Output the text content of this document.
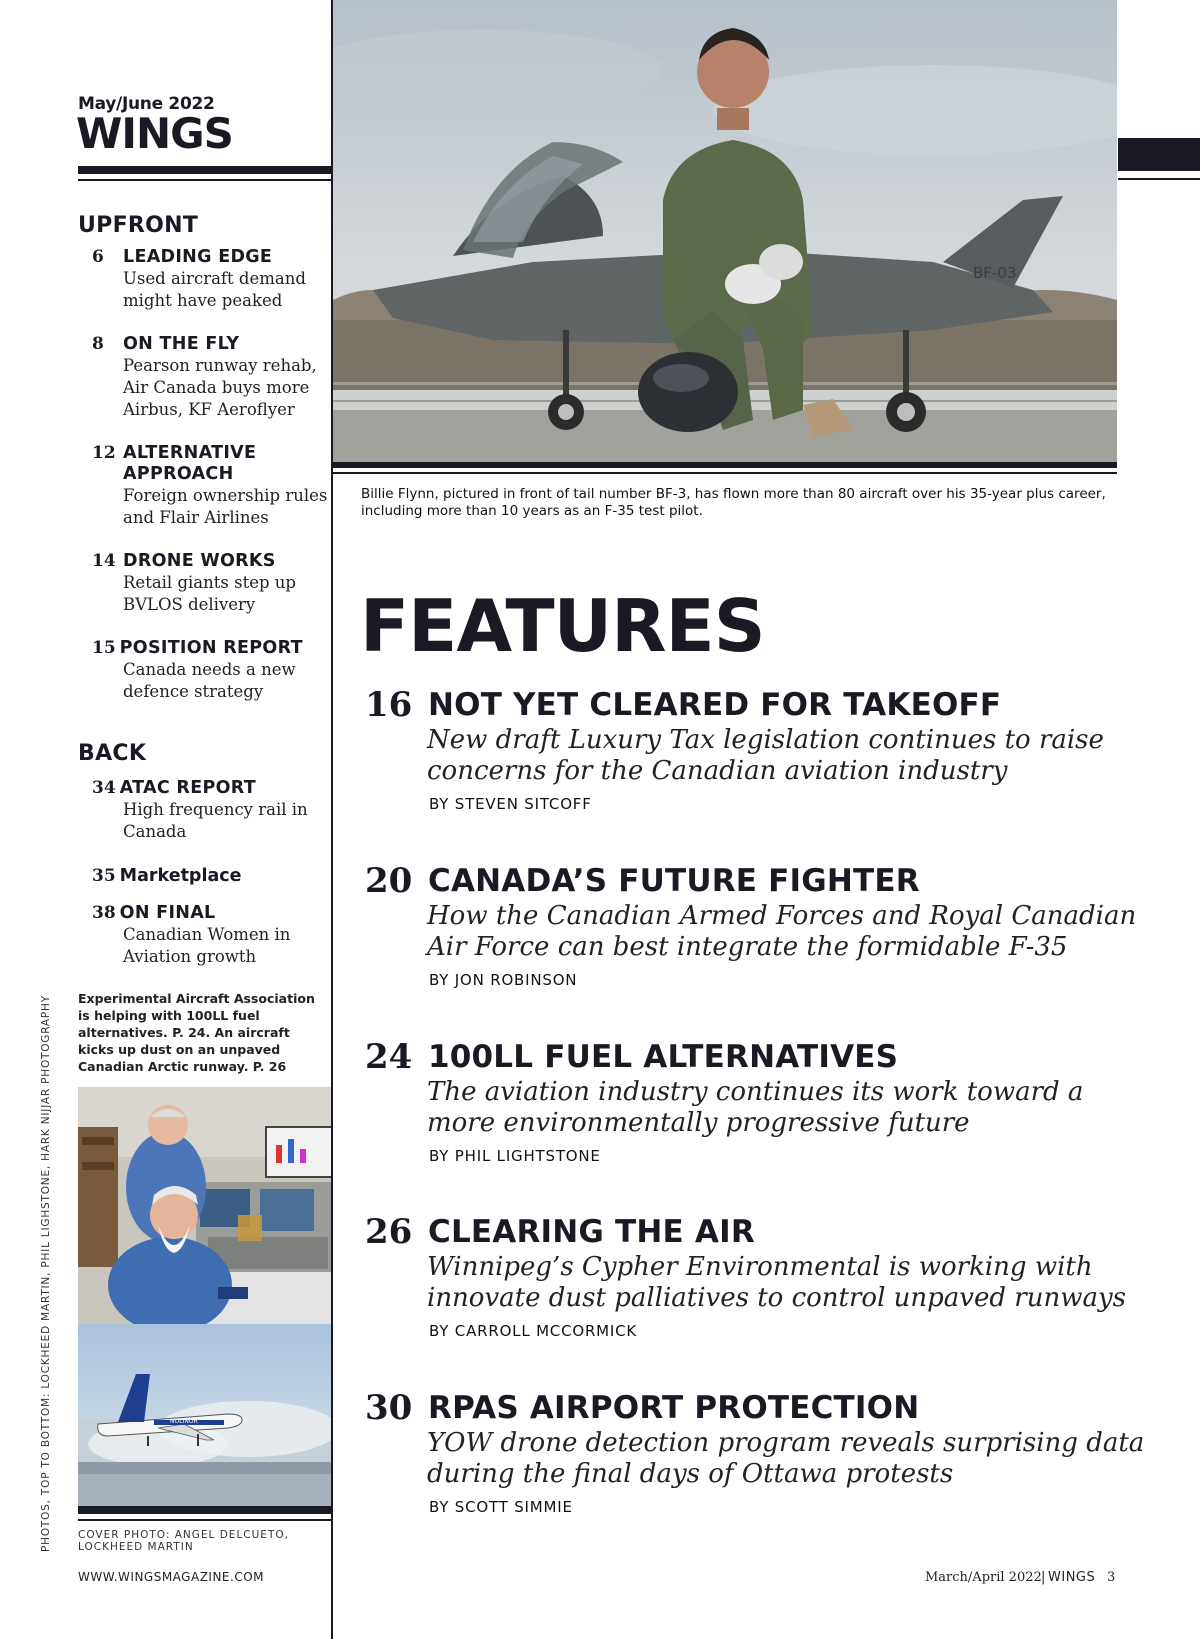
May/June 2022
WINGS
UPFRONT
6	LEADING EDGE
Used aircraft demand might have peaked
8	ON THE FLY
Pearson runway rehab, Air Canada buys more Airbus, KF Aeroflyer
12 ALTERNATIVE APPROACH
Foreign ownership rules and Flair Airlines
14 DRONE WORKS
Retail giants step up BVLOS delivery
15 POSITION REPORT
Canada needs a new defence strategy
BACK
34 ATAC REPORT
High frequency rail in Canada
35 Marketplace
38 ON FINAL
Canadian Women in Aviation growth
Experimental Aircraft Association is helping with 100LL fuel alternatives. P. 24. An aircraft kicks up dust on an unpaved Canadian Arctic runway. P. 26
NOLINOR
PHOTOS, TOP TO BOTTOM: LOCKHEED MARTIN, PHIL LIGHSTONE, HARK NIJJAR PHOTOGRAPHY COVER PHOTO: ANGEL DELCUETO,
LOCKHEED MARTIN
WWW.WINGSMAGAZINE.COM
BF-03
Billie Flynn, pictured in front of tail number BF-3, has flown more than 80 aircraft over his 35-year plus career, including more than 10 years as an F-35 test pilot.
FEATURES
16 NOT YET CLEARED FOR TAKEOFF
New draft Luxury Tax legislation continues to raise concerns for the Canadian aviation industry
BY STEVEN SITCOFF
20 CANADA’S FUTURE FIGHTER
How the Canadian Armed Forces and Royal Canadian Air Force can best integrate the formidable F-35
BY JON ROBINSON
24 100LL FUEL ALTERNATIVES
The aviation industry continues its work toward a more environmentally progressive future
BY PHIL LIGHTSTONE
26 CLEARING THE AIR
Winnipeg’s Cypher Environmental is working with innovate dust palliatives to control unpaved runways
BY CARROLL MCCORMICK
30 RPAS AIRPORT PROTECTION
YOW drone detection program reveals surprising data during the final days of Ottawa protests
BY SCOTT SIMMIE
March/April 2022 | WINGS 3
